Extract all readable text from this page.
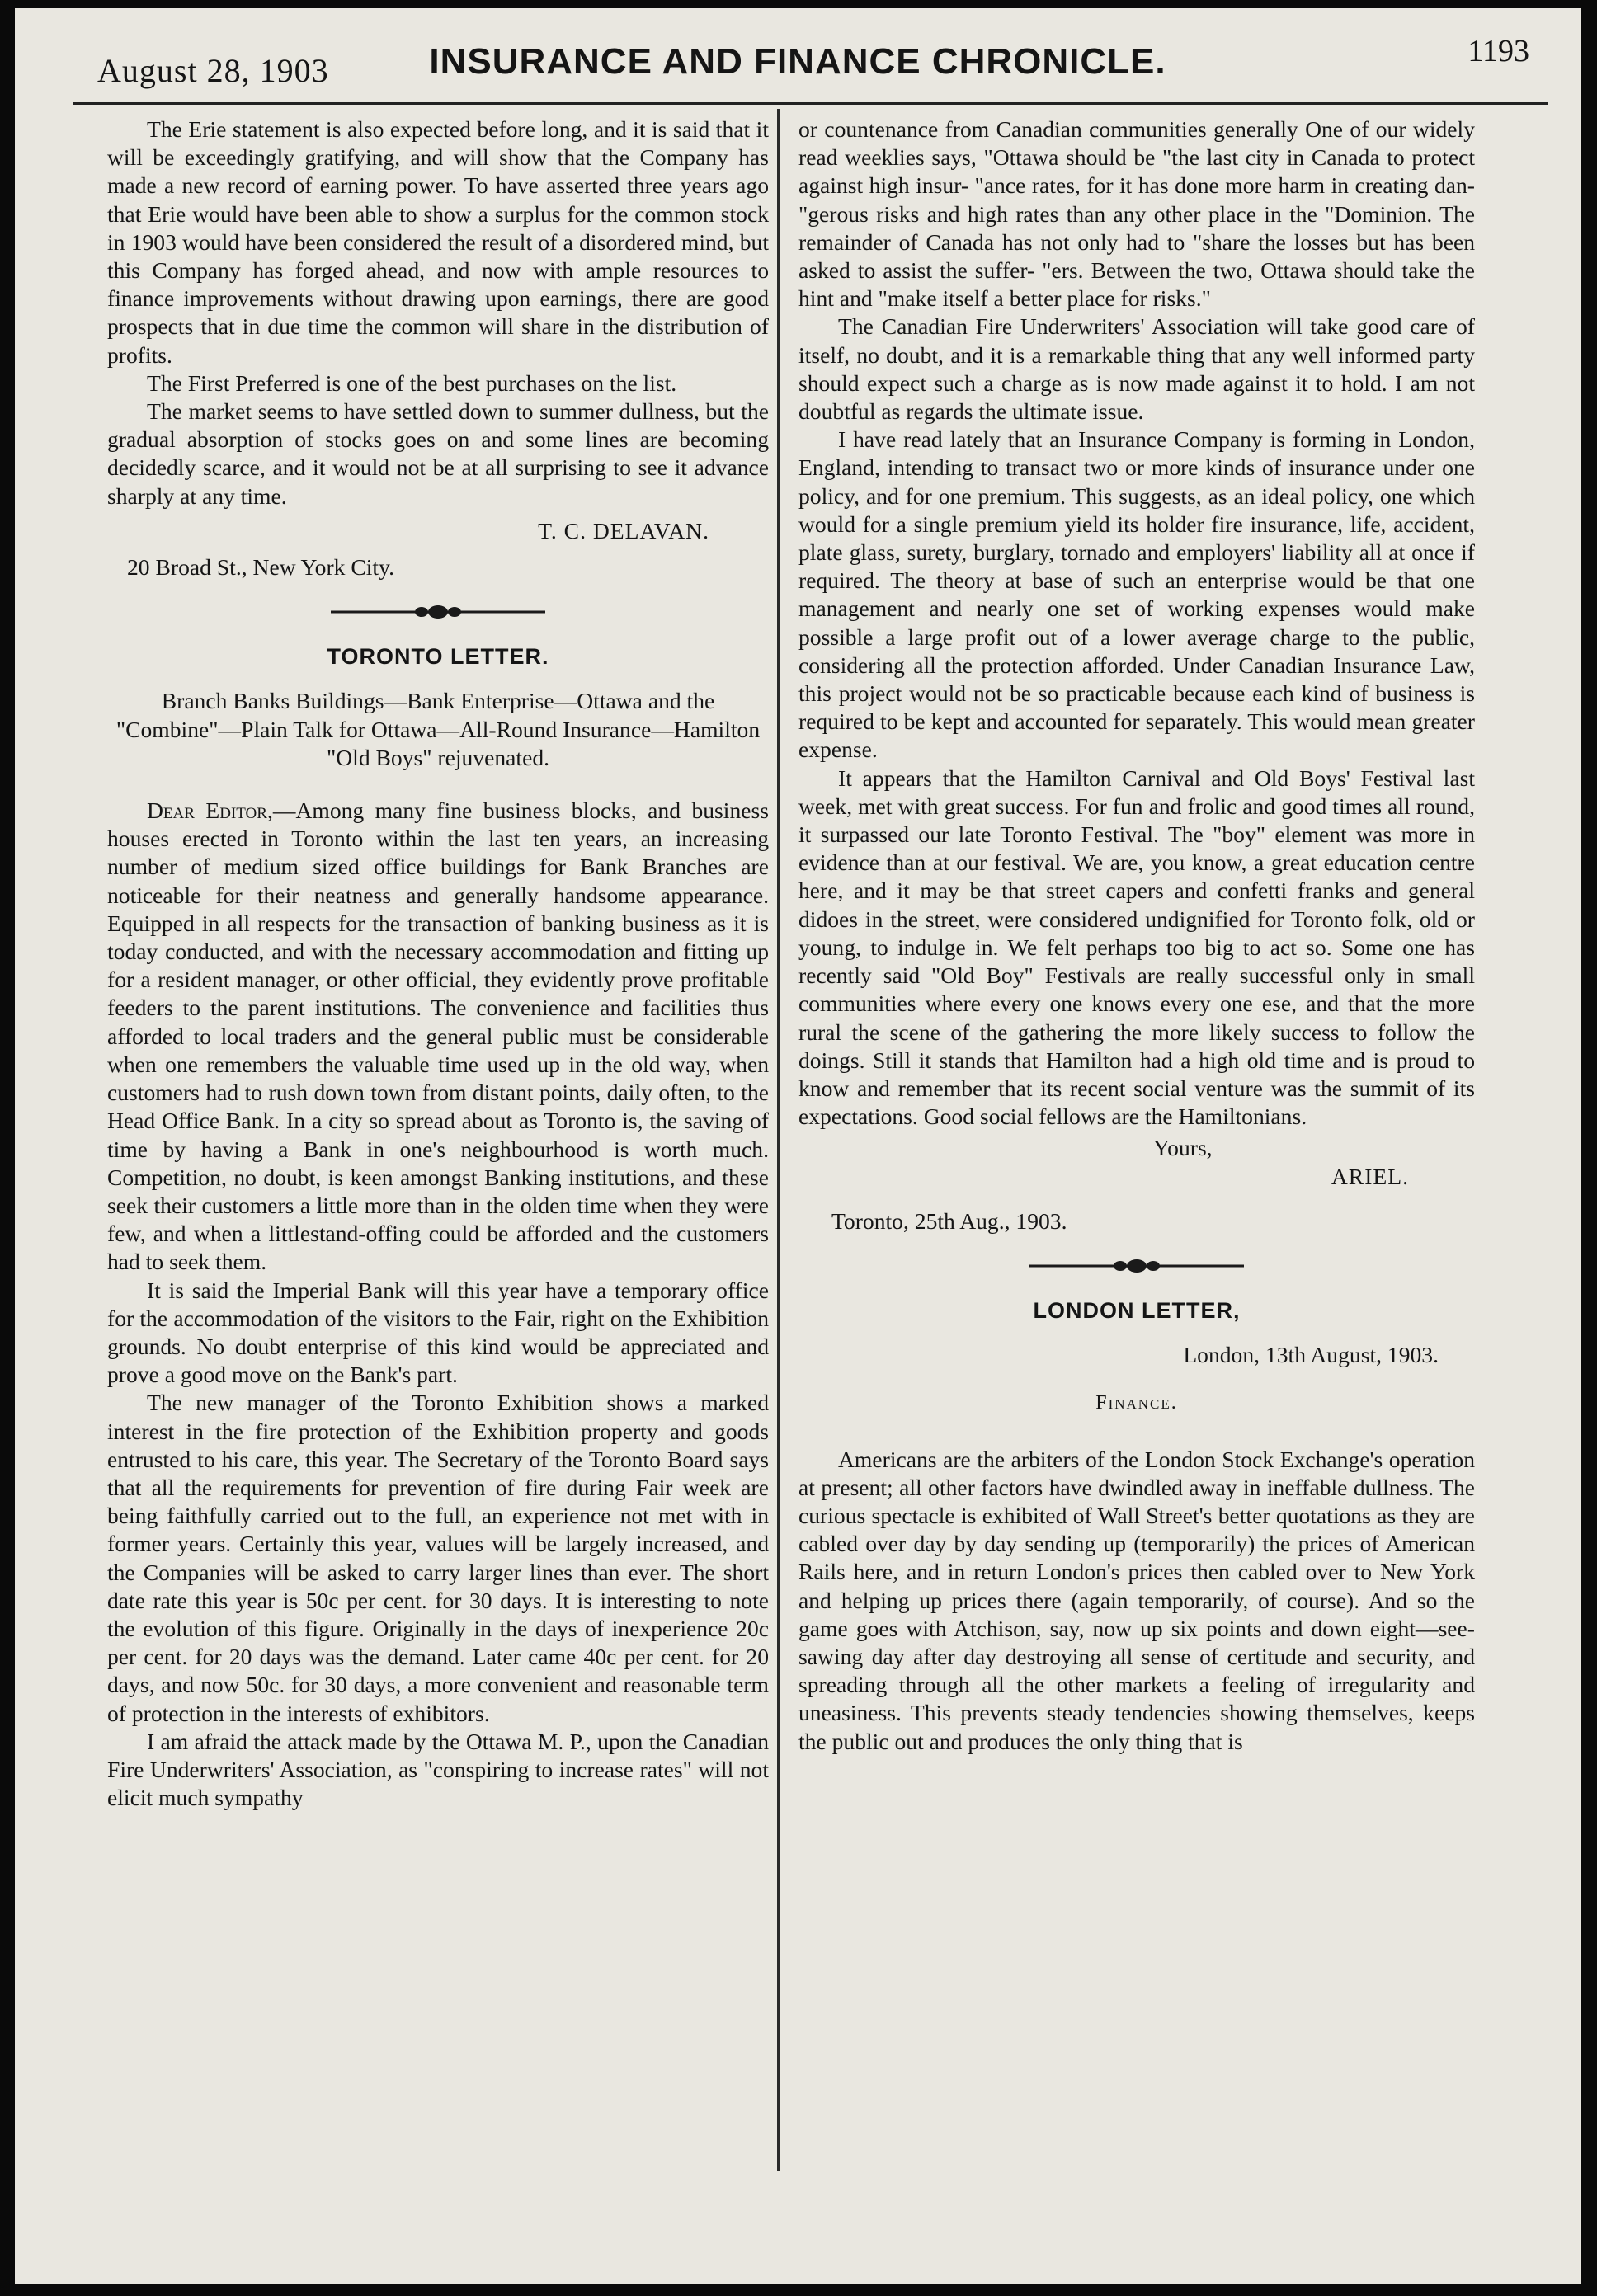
August 28, 1903	INSURANCE AND FINANCE CHRONICLE.	1193

The Erie statement is also expected before long, and it is said that it will be exceedingly gratifying, and will show that the Company has made a new record of earning power. To have asserted three years ago that Erie would have been able to show a surplus for the common stock in 1903 would have been considered the result of a disordered mind, but this Company has forged ahead, and now with ample resources to finance improvements without drawing upon earnings, there are good prospects that in due time the common will share in the distribution of profits.

The First Preferred is one of the best purchases on the list.

The market seems to have settled down to summer dullness, but the gradual absorption of stocks goes on and some lines are becoming decidedly scarce, and it would not be at all surprising to see it advance sharply at any time.

T. C. DELAVAN.

20 Broad St., New York City.

TORONTO LETTER.

Branch Banks Buildings—Bank Enterprise—Ottawa and the "Combine"—Plain Talk for Ottawa—All-Round Insurance—Hamilton "Old Boys" rejuvenated.

Dear Editor,—Among many fine business blocks, and business houses erected in Toronto within the last ten years, an increasing number of medium sized office buildings for Bank Branches are noticeable for their neatness and generally handsome appearance. Equipped in all respects for the transaction of banking business as it is today conducted, and with the necessary accommodation and fitting up for a resident manager, or other official, they evidently prove profitable feeders to the parent institutions. The convenience and facilities thus afforded to local traders and the general public must be considerable when one remembers the valuable time used up in the old way, when customers had to rush down town from distant points, daily often, to the Head Office Bank. In a city so spread about as Toronto is, the saving of time by having a Bank in one's neighbourhood is worth much. Competition, no doubt, is keen amongst Banking institutions, and these seek their customers a little more than in the olden time when they were few, and when a littlestand-offing could be afforded and the customers had to seek them.

It is said the Imperial Bank will this year have a temporary office for the accommodation of the visitors to the Fair, right on the Exhibition grounds. No doubt enterprise of this kind would be appreciated and prove a good move on the Bank's part.

The new manager of the Toronto Exhibition shows a marked interest in the fire protection of the Exhibition property and goods entrusted to his care, this year. The Secretary of the Toronto Board says that all the requirements for prevention of fire during Fair week are being faithfully carried out to the full, an experience not met with in former years. Certainly this year, values will be largely increased, and the Companies will be asked to carry larger lines than ever. The short date rate this year is 50c per cent. for 30 days. It is interesting to note the evolution of this figure. Originally in the days of inexperience 20c per cent. for 20 days was the demand. Later came 40c per cent. for 20 days, and now 50c. for 30 days, a more convenient and reasonable term of protection in the interests of exhibitors.

I am afraid the attack made by the Ottawa M. P., upon the Canadian Fire Underwriters' Association, as "conspiring to increase rates" will not elicit much sympathy

or countenance from Canadian communities generally One of our widely read weeklies says, "Ottawa should be "the last city in Canada to protect against high insur- "ance rates, for it has done more harm in creating dan- "gerous risks and high rates than any other place in the "Dominion. The remainder of Canada has not only had to "share the losses but has been asked to assist the suffer- "ers. Between the two, Ottawa should take the hint and "make itself a better place for risks."

The Canadian Fire Underwriters' Association will take good care of itself, no doubt, and it is a remarkable thing that any well informed party should expect such a charge as is now made against it to hold. I am not doubtful as regards the ultimate issue.

I have read lately that an Insurance Company is forming in London, England, intending to transact two or more kinds of insurance under one policy, and for one premium. This suggests, as an ideal policy, one which would for a single premium yield its holder fire insurance, life, accident, plate glass, surety, burglary, tornado and employers' liability all at once if required. The theory at base of such an enterprise would be that one management and nearly one set of working expenses would make possible a large profit out of a lower average charge to the public, considering all the protection afforded. Under Canadian Insurance Law, this project would not be so practicable because each kind of business is required to be kept and accounted for separately. This would mean greater expense.

It appears that the Hamilton Carnival and Old Boys' Festival last week, met with great success. For fun and frolic and good times all round, it surpassed our late Toronto Festival. The "boy" element was more in evidence than at our festival. We are, you know, a great education centre here, and it may be that street capers and confetti franks and general didoes in the street, were considered undignified for Toronto folk, old or young, to indulge in. We felt perhaps too big to act so. Some one has recently said "Old Boy" Festivals are really successful only in small communities where every one knows every one ese, and that the more rural the scene of the gathering the more likely success to follow the doings. Still it stands that Hamilton had a high old time and is proud to know and remember that its recent social venture was the summit of its expectations. Good social fellows are the Hamiltonians.

Yours,

ARIEL.

Toronto, 25th Aug., 1903.

LONDON LETTER,

London, 13th August, 1903.

Finance.

Americans are the arbiters of the London Stock Exchange's operation at present; all other factors have dwindled away in ineffable dullness. The curious spectacle is exhibited of Wall Street's better quotations as they are cabled over day by day sending up (temporarily) the prices of American Rails here, and in return London's prices then cabled over to New York and helping up prices there (again temporarily, of course). And so the game goes with Atchison, say, now up six points and down eight—see-sawing day after day destroying all sense of certitude and security, and spreading through all the other markets a feeling of irregularity and uneasiness. This prevents steady tendencies showing themselves, keeps the public out and produces the only thing that is
